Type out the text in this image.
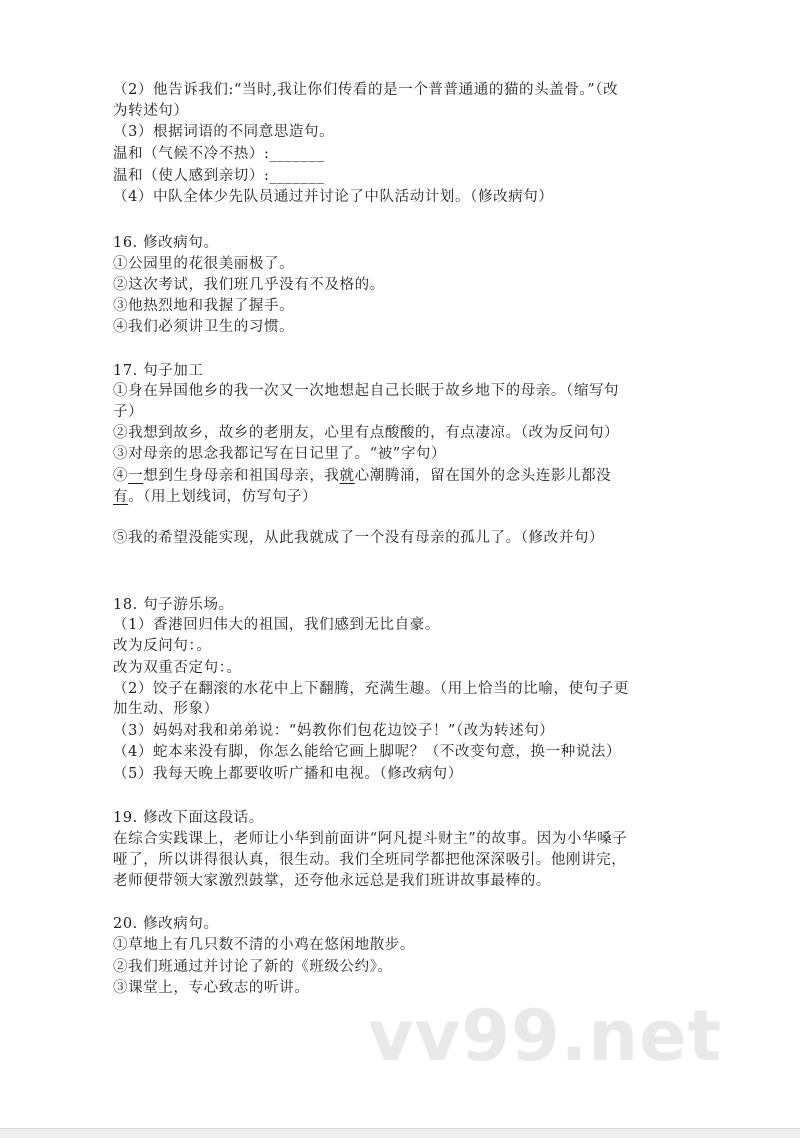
（2）他告诉我们:“当时,我让你们传看的是一个普普通通的猫的头盖骨。”（改
为转述句）
（3）根据词语的不同意思造句。
温和（气候不冷不热）:_______
温和（使人感到亲切）:_______
（4）中队全体少先队员通过并讨论了中队活动计划。（修改病句）
16. 修改病句。
①公园里的花很美丽极了。
②这次考试，我们班几乎没有不及格的。
③他热烈地和我握了握手。
④我们必须讲卫生的习惯。
17. 句子加工
①身在异国他乡的我一次又一次地想起自己长眠于故乡地下的母亲。（缩写句
子）
②我想到故乡，故乡的老朋友，心里有点酸酸的，有点凄凉。（改为反问句）
③对母亲的思念我都记写在日记里了。“被”字句）
④一想到生身母亲和祖国母亲，我就心潮腾涌，留在国外的念头连影儿都没
有。（用上划线词，仿写句子）
⑤我的希望没能实现，从此我就成了一个没有母亲的孤儿了。（修改并句）
18. 句子游乐场。
（1）香港回归伟大的祖国，我们感到无比自豪。
改为反问句：。
改为双重否定句：。
（2）饺子在翻滚的水花中上下翻腾，充满生趣。（用上恰当的比喻，使句子更
加生动、形象）
（3）妈妈对我和弟弟说：“妈教你们包花边饺子！”（改为转述句）
（4）蛇本来没有脚，你怎么能给它画上脚呢？（不改变句意，换一种说法）
（5）我每天晚上都要收听广播和电视。（修改病句）
19. 修改下面这段话。
在综合实践课上，老师让小华到前面讲“阿凡提斗财主”的故事。因为小华嗓子
哑了，所以讲得很认真，很生动。我们全班同学都把他深深吸引。他刚讲完，
老师便带领大家激烈鼓掌，还夸他永远总是我们班讲故事最棒的。
20. 修改病句。
①草地上有几只数不清的小鸡在悠闲地散步。
②我们班通过并讨论了新的《班级公约》。
③课堂上，专心致志的听讲。
vv99.net
